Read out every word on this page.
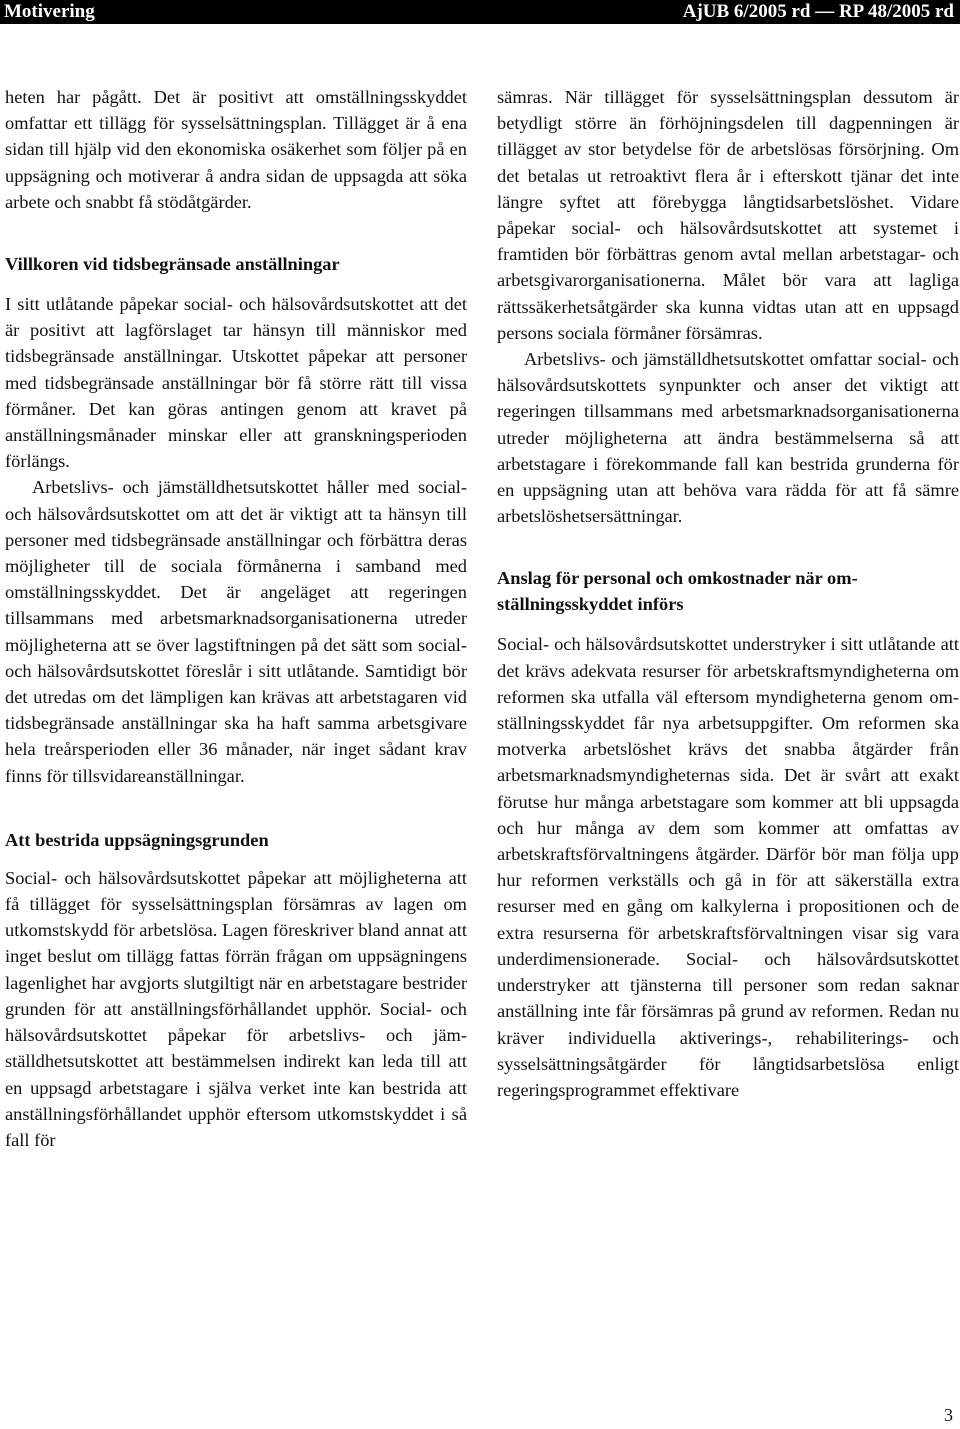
Motivering	AjUB 6/2005 rd — RP 48/2005 rd

heten har pågått. Det är positivt att omställningsskyddet omfattar ett tillägg för sysselsättningsplan. Tillägget är å ena sidan till hjälp vid den ekonomiska osäkerhet som följer på en uppsägning och motiverar å andra sidan de uppsagda att söka arbete och snabbt få stödåtgärder.

Villkoren vid tidsbegränsade anställningar

I sitt utlåtande påpekar social- och hälsovårdsutskottet att det är positivt att lagförslaget tar hänsyn till människor med tidsbegränsade anställningar. Utskottet påpekar att personer med tidsbegränsade anställningar bör få större rätt till vissa förmåner. Det kan göras antingen genom att kravet på anställningsmånader minskar eller att granskningsperioden förlängs.

Arbetslivs- och jämställdhetsutskottet håller med social- och hälsovårdsutskottet om att det är viktigt att ta hänsyn till personer med tidsbegränsade anställningar och förbättra deras möjligheter till de sociala förmånerna i samband med omställningsskyddet. Det är angeläget att regeringen tillsammans med arbetsmarknadsorganisationerna utreder möjligheterna att se över lagstiftningen på det sätt som social- och hälsovårdsutskottet föreslår i sitt utlåtande. Samtidigt bör det utredas om det lämpligen kan krävas att arbetstagaren vid tidsbegränsade anställningar ska ha haft samma arbetsgivare hela treårsperioden eller 36 månader, när inget sådant krav finns för tillsvidareanställningar.

Att bestrida uppsägningsgrunden

Social- och hälsovårdsutskottet påpekar att möjligheterna att få tillägget för sysselsättningsplan försämras av lagen om utkomstskydd för arbetslösa. Lagen föreskriver bland annat att inget beslut om tillägg fattas förrän frågan om uppsägningens lagenlighet har avgjorts slutgiltigt när en arbetstagare bestrider grunden för att anställningsförhållandet upphör. Social- och hälsovårdsutskottet påpekar för arbetslivs- och jämställdhetsutskottet att bestämmelsen indirekt kan leda till att en uppsagd arbetstagare i själva verket inte kan bestrida att anställningsförhållandet upphör eftersom utkomstskyddet i så fall för

sämras. När tillägget för sysselsättningsplan dessutom är betydligt större än förhöjningsdelen till dagpenningen är tillägget av stor betydelse för de arbetslösas försörjning. Om det betalas ut retroaktivt flera år i efterskott tjänar det inte längre syftet att förebygga långtidsarbetslöshet. Vidare påpekar social- och hälsovårdsutskottet att systemet i framtiden bör förbättras genom avtal mellan arbetstagar- och arbetsgivarorganisationerna. Målet bör vara att lagliga rättssäkerhetsåtgärder ska kunna vidtas utan att en uppsagd persons sociala förmåner försämras.

Arbetslivs- och jämställdhetsutskottet omfattar social- och hälsovårdsutskottets synpunkter och anser det viktigt att regeringen tillsammans med arbetsmarknadsorganisationerna utreder möjligheterna att ändra bestämmelserna så att arbetstagare i förekommande fall kan bestrida grunderna för en uppsägning utan att behöva vara rädda för att få sämre arbetslöshetsersättningar.

Anslag för personal och omkostnader när omställningsskyddet införs

Social- och hälsovårdsutskottet understryker i sitt utlåtande att det krävs adekvata resurser för arbetskraftsmyndigheterna om reformen ska utfalla väl eftersom myndigheterna genom omställningsskyddet får nya arbetsuppgifter. Om reformen ska motverka arbetslöshet krävs det snabba åtgärder från arbetsmarknadsmyndigheternas sida. Det är svårt att exakt förutse hur många arbetstagare som kommer att bli uppsagda och hur många av dem som kommer att omfattas av arbetskraftsförvaltningens åtgärder. Därför bör man följa upp hur reformen verkställs och gå in för att säkerställa extra resurser med en gång om kalkylerna i propositionen och de extra resurserna för arbetskraftsförvaltningen visar sig vara underdimensionerade. Social- och hälsovårdsutskottet understryker att tjänsterna till personer som redan saknar anställning inte får försämras på grund av reformen. Redan nu kräver individuella aktiverings-, rehabiliterings- och sysselsättningsåtgärder för långtidsarbetslösa enligt regeringsprogrammet effektivare

3
